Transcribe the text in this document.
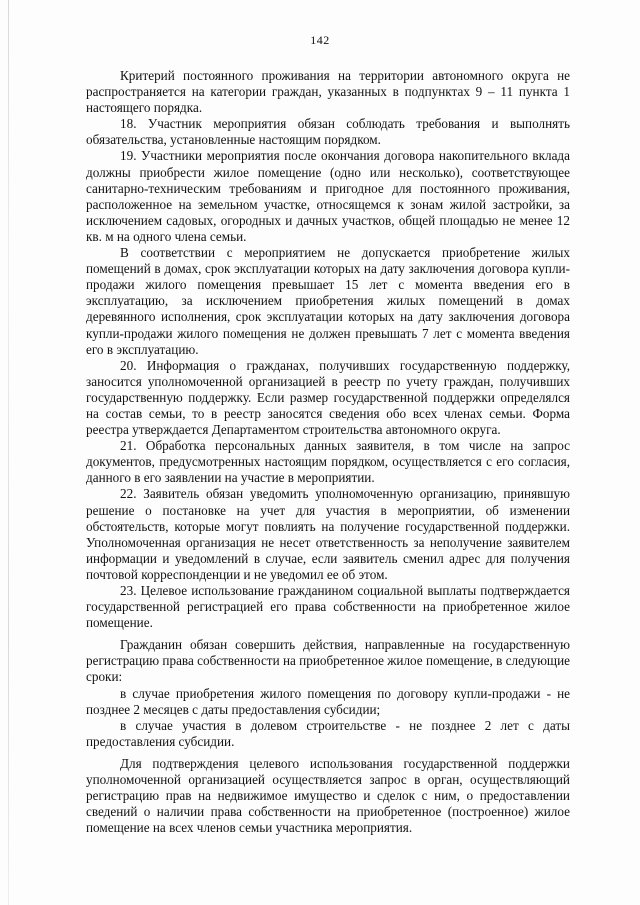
142

Критерий постоянного проживания на территории автономного округа не распространяется на категории граждан, указанных в подпунктах 9 – 11 пункта 1 настоящего порядка.

18. Участник мероприятия обязан соблюдать требования и выполнять обязательства, установленные настоящим порядком.

19. Участники мероприятия после окончания договора накопительного вклада должны приобрести жилое помещение (одно или несколько), соответствующее санитарно-техническим требованиям и пригодное для постоянного проживания, расположенное на земельном участке, относящемся к зонам жилой застройки, за исключением садовых, огородных и дачных участков, общей площадью не менее 12 кв. м на одного члена семьи.

В соответствии с мероприятием не допускается приобретение жилых помещений в домах, срок эксплуатации которых на дату заключения договора купли-продажи жилого помещения превышает 15 лет с момента введения его в эксплуатацию, за исключением приобретения жилых помещений в домах деревянного исполнения, срок эксплуатации которых на дату заключения договора купли-продажи жилого помещения не должен превышать 7 лет с момента введения его в эксплуатацию.

20. Информация о гражданах, получивших государственную поддержку, заносится уполномоченной организацией в реестр по учету граждан, получивших государственную поддержку. Если размер государственной поддержки определялся на состав семьи, то в реестр заносятся сведения обо всех членах семьи. Форма реестра утверждается Департаментом строительства автономного округа.

21. Обработка персональных данных заявителя, в том числе на запрос документов, предусмотренных настоящим порядком, осуществляется с его согласия, данного в его заявлении на участие в мероприятии.

22. Заявитель обязан уведомить уполномоченную организацию, принявшую решение о постановке на учет для участия в мероприятии, об изменении обстоятельств, которые могут повлиять на получение государственной поддержки. Уполномоченная организация не несет ответственность за неполучение заявителем информации и уведомлений в случае, если заявитель сменил адрес для получения почтовой корреспонденции и не уведомил ее об этом.

23. Целевое использование гражданином социальной выплаты подтверждается государственной регистрацией его права собственности на приобретенное жилое помещение.

Гражданин обязан совершить действия, направленные на государственную регистрацию права собственности на приобретенное жилое помещение, в следующие сроки:

в случае приобретения жилого помещения по договору купли-продажи - не позднее 2 месяцев с даты предоставления субсидии;

в случае участия в долевом строительстве - не позднее 2 лет с даты предоставления субсидии.

Для подтверждения целевого использования государственной поддержки уполномоченной организацией осуществляется запрос в орган, осуществляющий регистрацию прав на недвижимое имущество и сделок с ним, о предоставлении сведений о наличии права собственности на приобретенное (построенное) жилое помещение на всех членов семьи участника мероприятия.
